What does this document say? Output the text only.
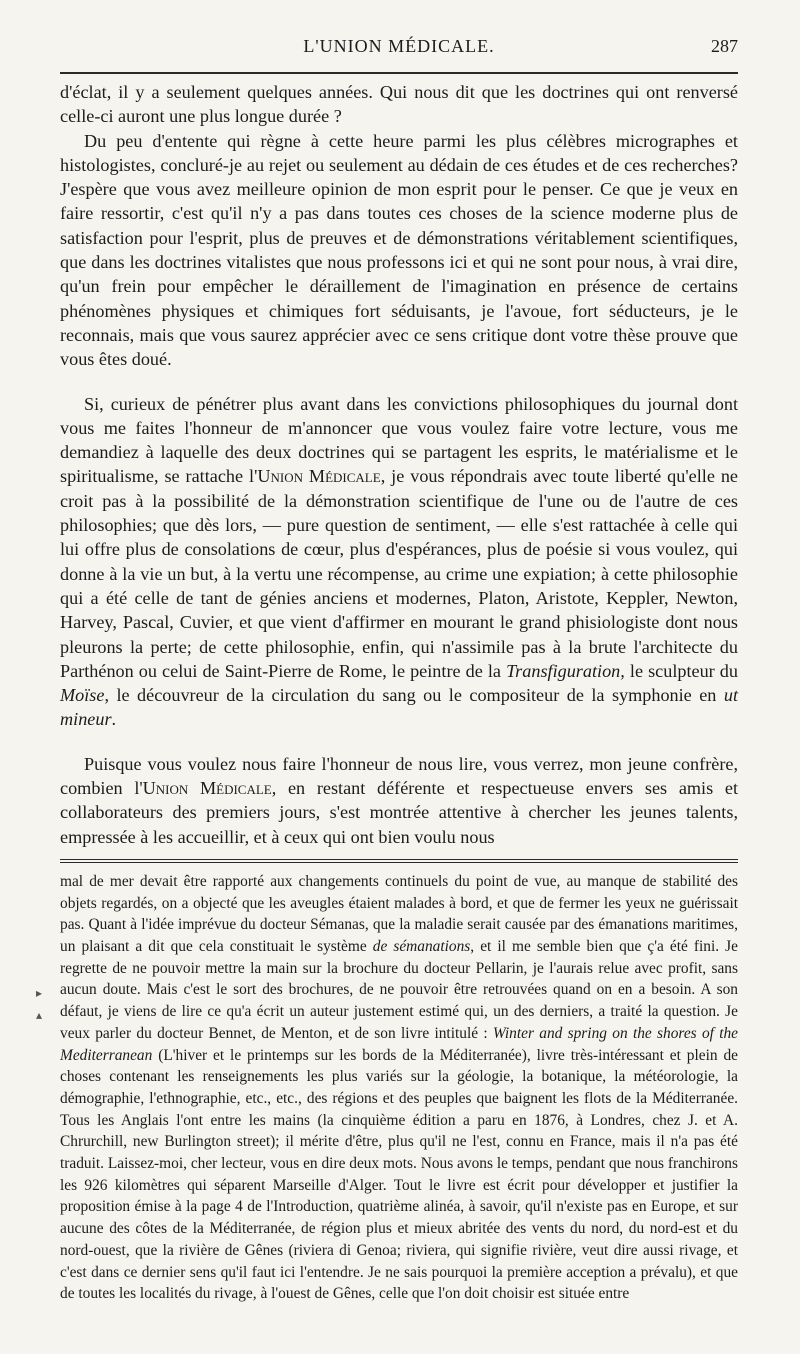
L'UNION MÉDICALE.	287

d'éclat, il y a seulement quelques années. Qui nous dit que les doctrines qui ont renversé celle-ci auront une plus longue durée ?

Du peu d'entente qui règne à cette heure parmi les plus célèbres micrographes et histologistes, concluré-je au rejet ou seulement au dédain de ces études et de ces recherches? J'espère que vous avez meilleure opinion de mon esprit pour le penser. Ce que je veux en faire ressortir, c'est qu'il n'y a pas dans toutes ces choses de la science moderne plus de satisfaction pour l'esprit, plus de preuves et de démonstrations véritablement scientifiques, que dans les doctrines vitalistes que nous professons ici et qui ne sont pour nous, à vrai dire, qu'un frein pour empêcher le déraillement de l'imagination en présence de certains phénomènes physiques et chimiques fort séduisants, je l'avoue, fort séducteurs, je le reconnais, mais que vous saurez apprécier avec ce sens critique dont votre thèse prouve que vous êtes doué.

Si, curieux de pénétrer plus avant dans les convictions philosophiques du journal dont vous me faites l'honneur de m'annoncer que vous voulez faire votre lecture, vous me demandiez à laquelle des deux doctrines qui se partagent les esprits, le matérialisme et le spiritualisme, se rattache l'Union Médicale, je vous répondrais avec toute liberté qu'elle ne croit pas à la possibilité de la démonstration scientifique de l'une ou de l'autre de ces philosophies; que dès lors, — pure question de sentiment, — elle s'est rattachée à celle qui lui offre plus de consolations de cœur, plus d'espérances, plus de poésie si vous voulez, qui donne à la vie un but, à la vertu une récompense, au crime une expiation; à cette philosophie qui a été celle de tant de génies anciens et modernes, Platon, Aristote, Keppler, Newton, Harvey, Pascal, Cuvier, et que vient d'affirmer en mourant le grand phisiologiste dont nous pleurons la perte; de cette philosophie, enfin, qui n'assimile pas à la brute l'architecte du Parthénon ou celui de Saint-Pierre de Rome, le peintre de la Transfiguration, le sculpteur du Moïse, le découvreur de la circulation du sang ou le compositeur de la symphonie en ut mineur.

Puisque vous voulez nous faire l'honneur de nous lire, vous verrez, mon jeune confrère, combien l'Union Médicale, en restant déférente et respectueuse envers ses amis et collaborateurs des premiers jours, s'est montrée attentive à chercher les jeunes talents, empressée à les accueillir, et à ceux qui ont bien voulu nous

▸
▴

mal de mer devait être rapporté aux changements continuels du point de vue, au manque de stabilité des objets regardés, on a objecté que les aveugles étaient malades à bord, et que de fermer les yeux ne guérissait pas. Quant à l'idée imprévue du docteur Sémanas, que la maladie serait causée par des émanations maritimes, un plaisant a dit que cela constituait le système de sémanations, et il me semble bien que ç'a été fini. Je regrette de ne pouvoir mettre la main sur la brochure du docteur Pellarin, je l'aurais relue avec profit, sans aucun doute. Mais c'est le sort des brochures, de ne pouvoir être retrouvées quand on en a besoin. A son défaut, je viens de lire ce qu'a écrit un auteur justement estimé qui, un des derniers, a traité la question. Je veux parler du docteur Bennet, de Menton, et de son livre intitulé : Winter and spring on the shores of the Mediterranean (L'hiver et le printemps sur les bords de la Méditerranée), livre très-intéressant et plein de choses contenant les renseignements les plus variés sur la géologie, la botanique, la météorologie, la démographie, l'ethnographie, etc., etc., des régions et des peuples que baignent les flots de la Méditerranée. Tous les Anglais l'ont entre les mains (la cinquième édition a paru en 1876, à Londres, chez J. et A. Chrurchill, new Burlington street); il mérite d'être, plus qu'il ne l'est, connu en France, mais il n'a pas été traduit. Laissez-moi, cher lecteur, vous en dire deux mots. Nous avons le temps, pendant que nous franchirons les 926 kilomètres qui séparent Marseille d'Alger. Tout le livre est écrit pour développer et justifier la proposition émise à la page 4 de l'Introduction, quatrième alinéa, à savoir, qu'il n'existe pas en Europe, et sur aucune des côtes de la Méditerranée, de région plus et mieux abritée des vents du nord, du nord-est et du nord-ouest, que la rivière de Gênes (riviera di Genoa; riviera, qui signifie rivière, veut dire aussi rivage, et c'est dans ce dernier sens qu'il faut ici l'entendre. Je ne sais pourquoi la première acception a prévalu), et que de toutes les localités du rivage, à l'ouest de Gênes, celle que l'on doit choisir est située entre
